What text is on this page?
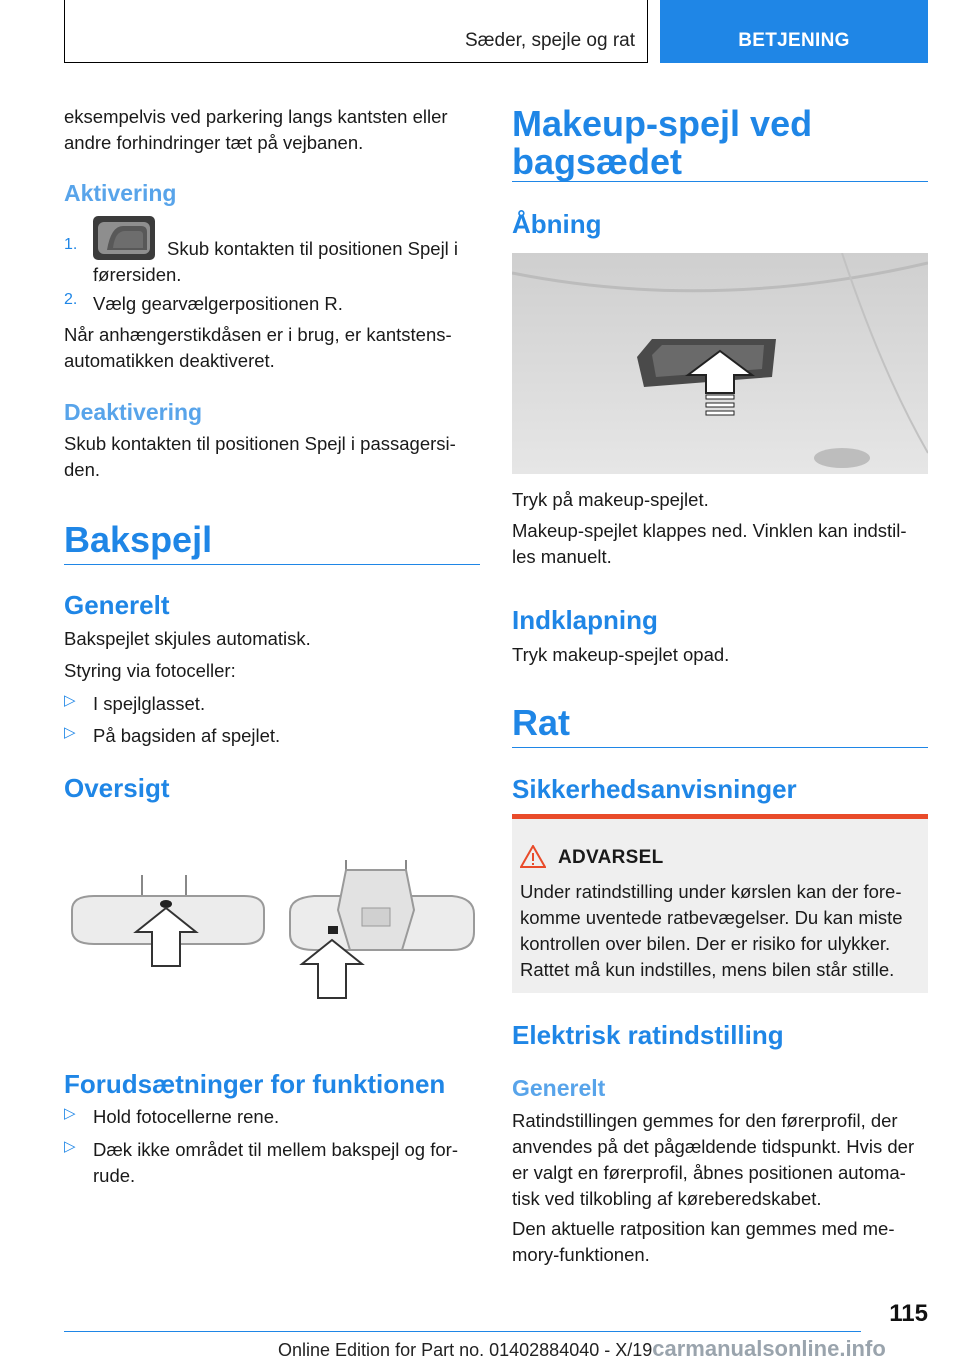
Sæder, spejle og rat	BETJENING

eksempelvis ved parkering langs kantsten eller

andre forhindringer tæt på vejbanen.

Aktivering
1.	Skub kontakten til positionen Spejl i

førersiden.

2. Vælg gearvælgerpositionen R.

Når anhængerstikdåsen er i brug, er kantstens-

automatikken deaktiveret.

Deaktivering

Skub kontakten til positionen Spejl i passagersi-

den.

Bakspejl
Generelt

Bakspejlet skjules automatisk.

Styring via fotoceller:

▷ I spejlglasset.

▷ På bagsiden af spejlet.

Oversigt
Forudsætninger for funktionen
▷ Hold fotocellerne rene.

▷ Dæk ikke området til mellem bakspejl og for-

rude.

Makeup-spejl ved
bagsædet
Åbning

Tryk på makeup-spejlet.

Makeup-spejlet klappes ned. Vinklen kan indstil-

les manuelt.

Indklapning

Tryk makeup-spejlet opad.

Rat
Sikkerhedsanvisninger
ADVARSEL

Under ratindstilling under kørslen kan der fore-

komme uventede ratbevægelser. Du kan miste

kontrollen over bilen. Der er risiko for ulykker.

Rattet må kun indstilles, mens bilen står stille.

Elektrisk ratindstilling
Generelt

Ratindstillingen gemmes for den førerprofil, der

anvendes på det pågældende tidspunkt. Hvis der

er valgt en førerprofil, åbnes positionen automa-

tisk ved tilkobling af køreberedskabet.

Den aktuelle ratposition kan gemmes med me-

mory-funktionen.

115
Online Edition for Part no. 01402884040 - X/19carmanualsonline.info
